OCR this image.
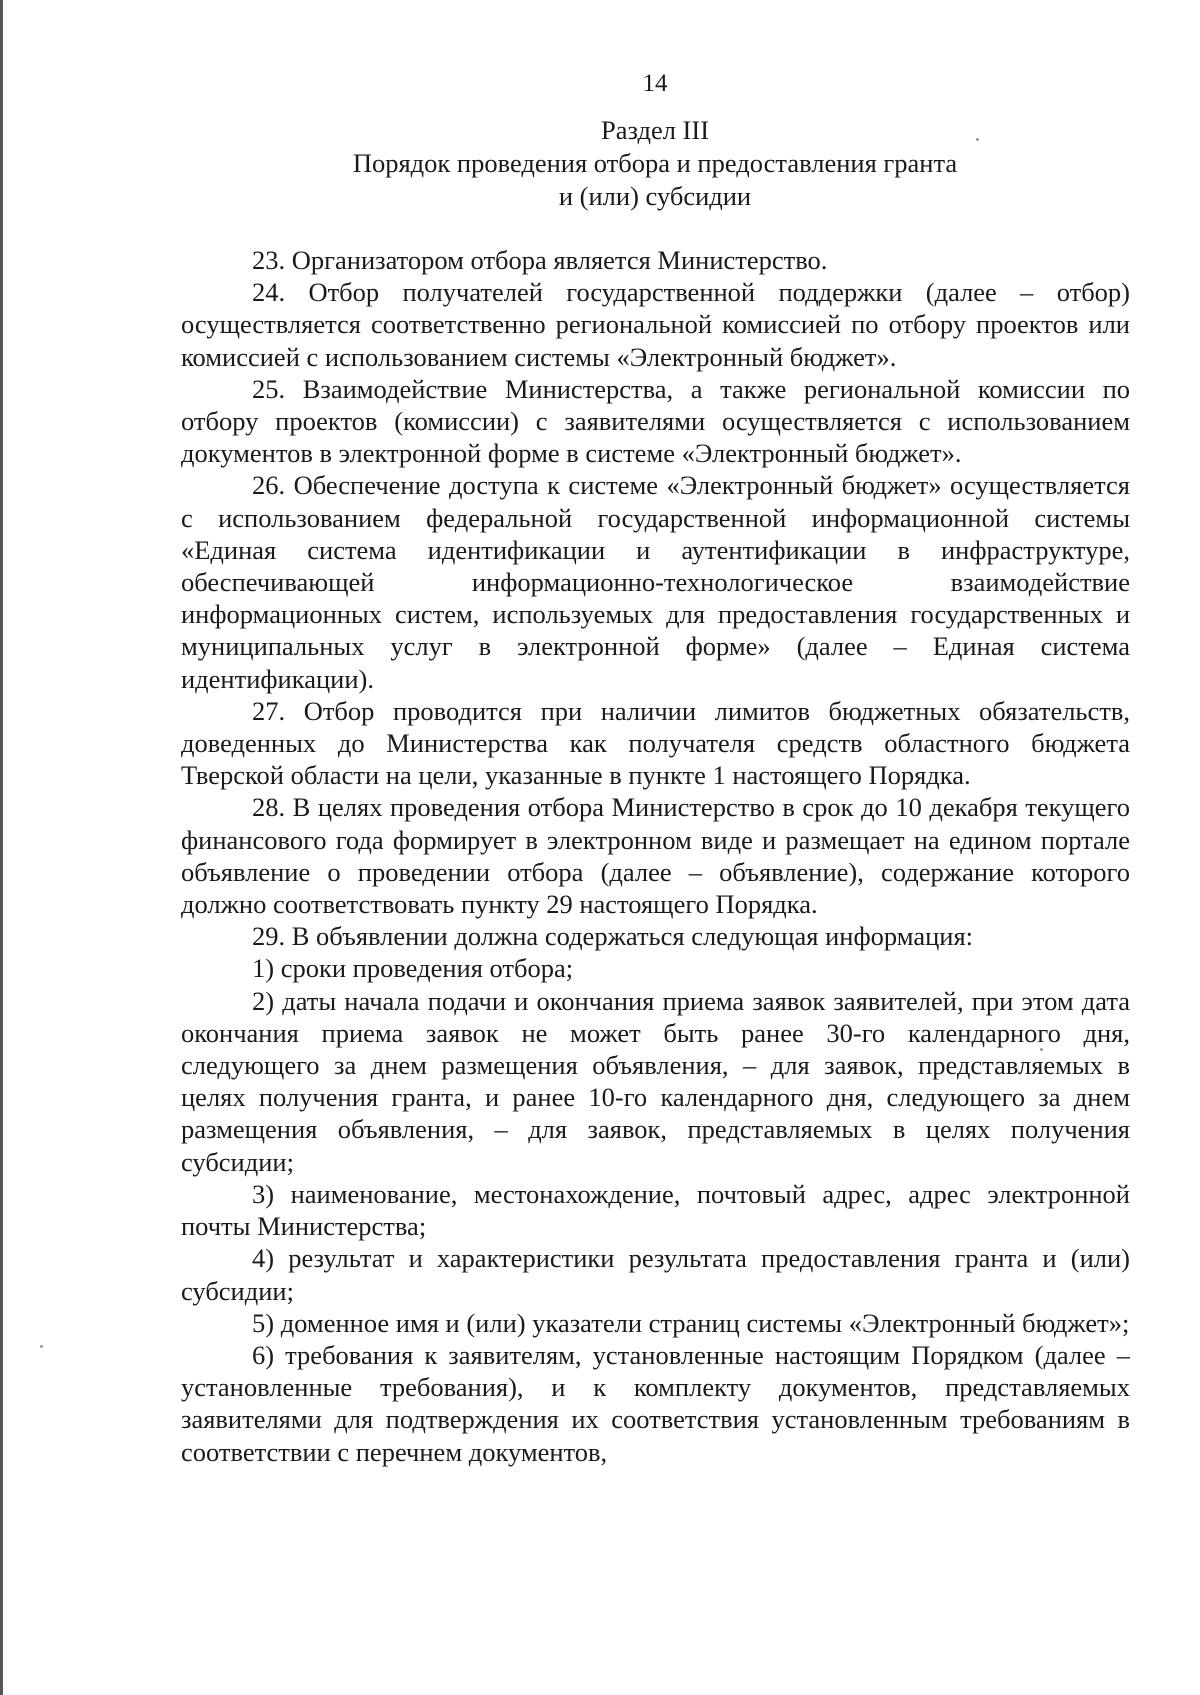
14
Раздел III
Порядок проведения отбора и предоставления гранта
и (или) субсидии

23. Организатором отбора является Министерство.

24. Отбор получателей государственной поддержки (далее – отбор) осуществляется соответственно региональной комиссией по отбору проектов или комиссией с использованием системы «Электронный бюджет».

25. Взаимодействие Министерства, а также региональной комиссии по отбору проектов (комиссии) с заявителями осуществляется с использованием документов в электронной форме в системе «Электронный бюджет».

26. Обеспечение доступа к системе «Электронный бюджет» осуществляется с использованием федеральной государственной информационной системы «Единая система идентификации и аутентификации в инфраструктуре, обеспечивающей информационно-технологическое взаимодействие информационных систем, используемых для предоставления государственных и муниципальных услуг в электронной форме» (далее – Единая система идентификации).

27. Отбор проводится при наличии лимитов бюджетных обязательств, доведенных до Министерства как получателя средств областного бюджета Тверской области на цели, указанные в пункте 1 настоящего Порядка.

28. В целях проведения отбора Министерство в срок до 10 декабря текущего финансового года формирует в электронном виде и размещает на едином портале объявление о проведении отбора (далее – объявление), содержание которого должно соответствовать пункту 29 настоящего Порядка.

29. В объявлении должна содержаться следующая информация:

1) сроки проведения отбора;

2) даты начала подачи и окончания приема заявок заявителей, при этом дата окончания приема заявок не может быть ранее 30-го календарного дня, следующего за днем размещения объявления, – для заявок, представляемых в целях получения гранта, и ранее 10-го календарного дня, следующего за днем размещения объявления, – для заявок, представляемых в целях получения субсидии;

3) наименование, местонахождение, почтовый адрес, адрес электронной почты Министерства;

4) результат и характеристики результата предоставления гранта и (или) субсидии;

5) доменное имя и (или) указатели страниц системы «Электронный бюджет»;

6) требования к заявителям, установленные настоящим Порядком (далее – установленные требования), и к комплекту документов, представляемых заявителями для подтверждения их соответствия установленным требованиям в соответствии с перечнем документов,
